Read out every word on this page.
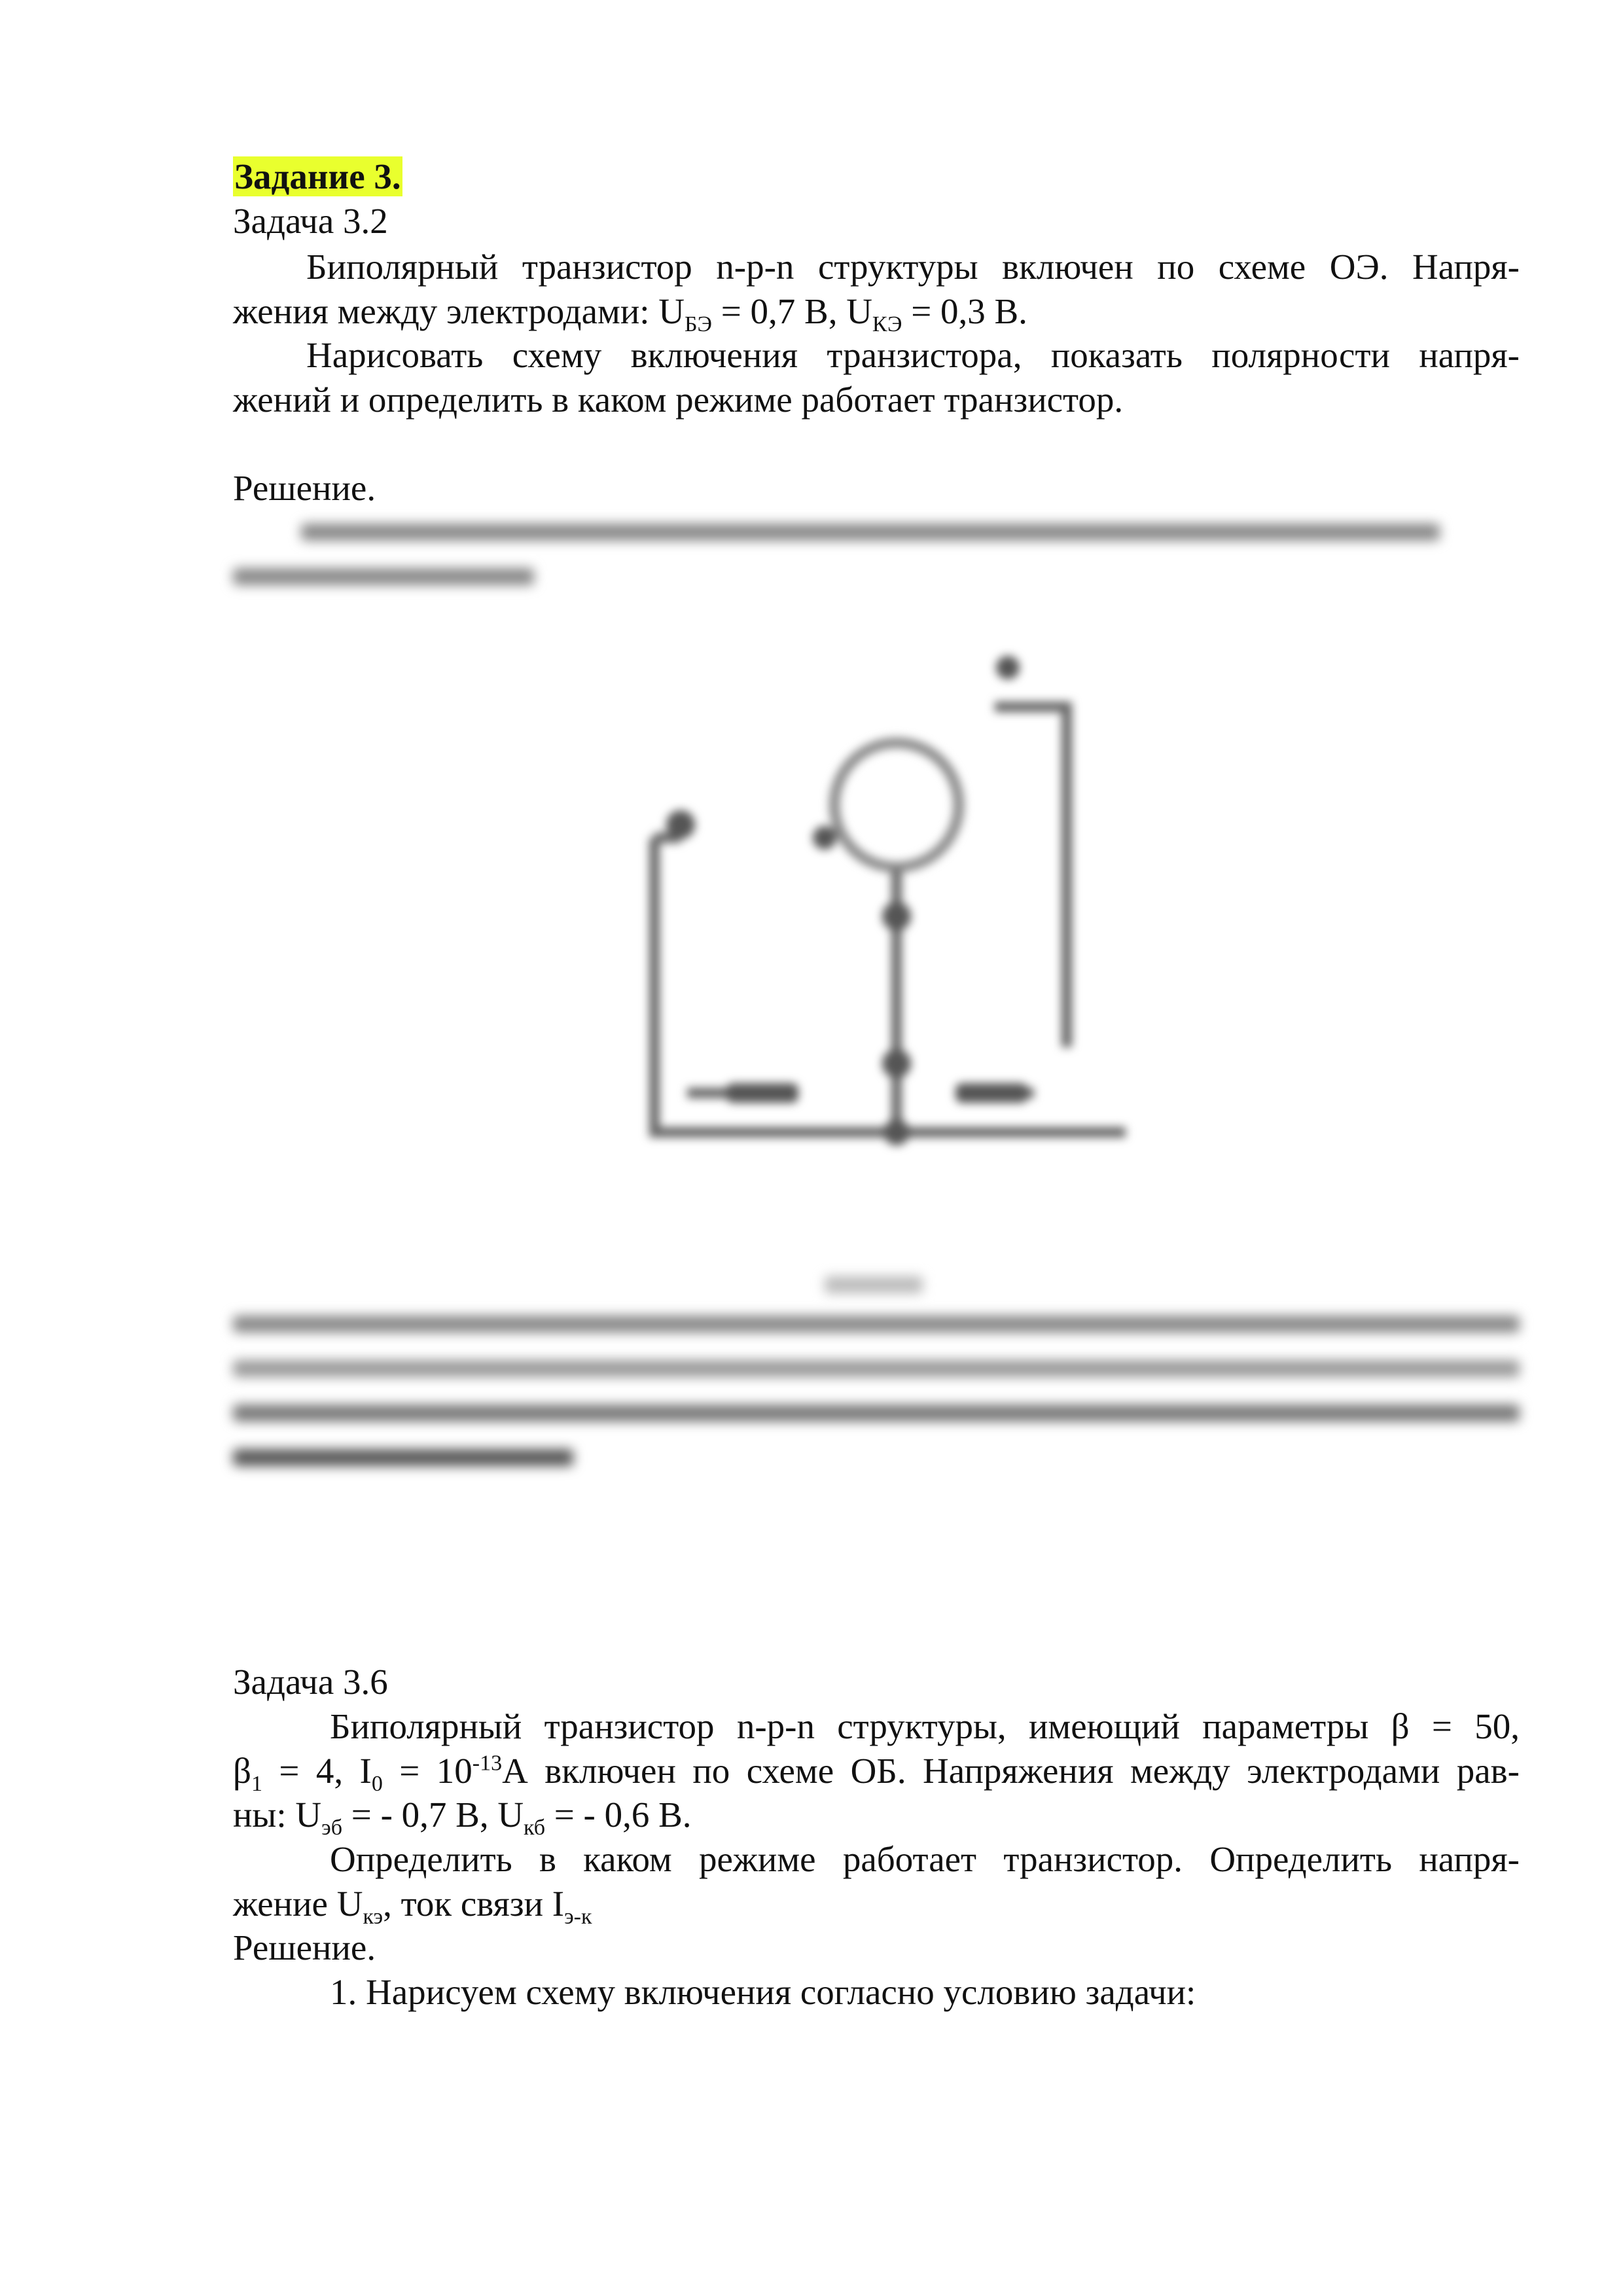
Задание 3.
Задача 3.2
Биполярный транзистор n-p-n структуры включен по схеме ОЭ. Напря-
жения между электродами: $U_{БЭ} = 0,7$ В, $U_{КЭ} = 0,3$ В.
Нарисовать схему включения транзистора, показать полярности напря-
жений и определить в каком режиме работает транзистор.
Решение.
Задача 3.6
Биполярный транзистор n-p-n структуры, имеющий параметры β = 50,
$\beta_1 = 4$, $I_0 = 10^{-13}А$ включен по схеме ОБ. Напряжения между электродами рав-
ны: $U_{эб}$ = - 0,7 В, $U_{кб}$ = - 0,6 В.
Определить в каком режиме работает транзистор. Определить напря-
жение $U_{кэ}$, ток связи $I_{э-к}$
Решение.
1. Нарисуем схему включения согласно условию задачи:
